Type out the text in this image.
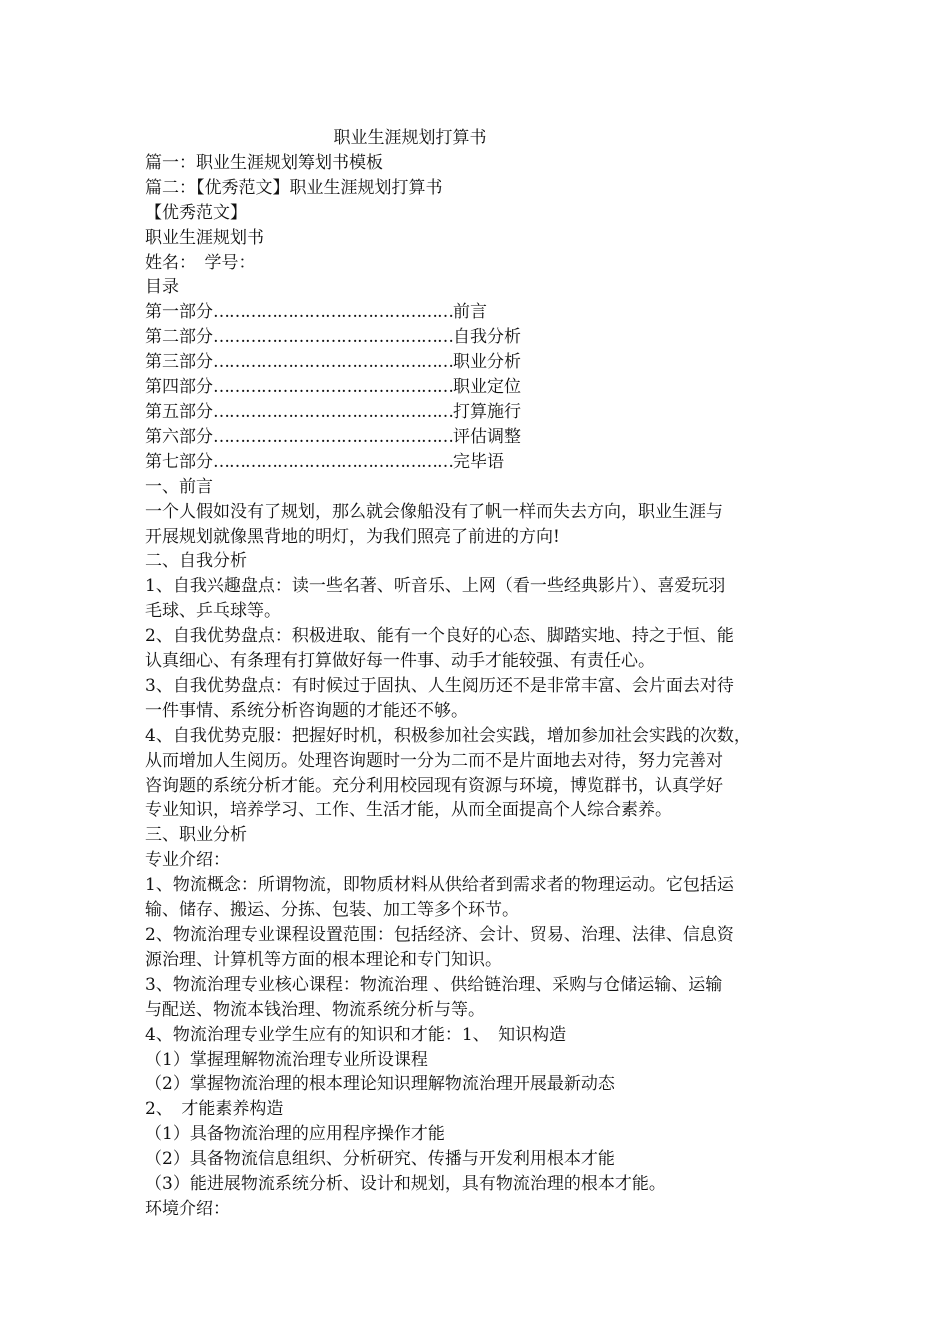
职业生涯规划打算书
篇一：职业生涯规划筹划书模板
篇二：【优秀范文】职业生涯规划打算书
【优秀范文】
职业生涯规划书
姓名：　学号：
目录
第一部分………………………………………前言
第二部分………………………………………自我分析
第三部分………………………………………职业分析
第四部分………………………………………职业定位
第五部分………………………………………打算施行
第六部分………………………………………评估调整
第七部分………………………………………完毕语
一、前言
一个人假如没有了规划，那么就会像船没有了帆一样而失去方向，职业生涯与
开展规划就像黑背地的明灯，为我们照亮了前进的方向!
二、自我分析
1、自我兴趣盘点：读一些名著、听音乐、上网（看一些经典影片）、喜爱玩羽
毛球、乒乓球等。
2、自我优势盘点：积极进取、能有一个良好的心态、脚踏实地、持之于恒、能
认真细心、有条理有打算做好每一件事、动手才能较强、有责任心。
3、自我优势盘点：有时候过于固执、人生阅历还不是非常丰富、会片面去对待
一件事情、系统分析咨询题的才能还不够。
4、自我优势克服：把握好时机，积极参加社会实践，增加参加社会实践的次数，
从而增加人生阅历。处理咨询题时一分为二而不是片面地去对待，努力完善对
咨询题的系统分析才能。充分利用校园现有资源与环境，博览群书，认真学好
专业知识，培养学习、工作、生活才能，从而全面提高个人综合素养。
三、职业分析
专业介绍：
1、物流概念：所谓物流，即物质材料从供给者到需求者的物理运动。它包括运
输、储存、搬运、分拣、包装、加工等多个环节。
2、物流治理专业课程设置范围：包括经济、会计、贸易、治理、法律、信息资
源治理、计算机等方面的根本理论和专门知识。
3、物流治理专业核心课程：物流治理 、供给链治理、采购与仓储运输、运输
与配送、物流本钱治理、物流系统分析与等。
4、物流治理专业学生应有的知识和才能：1、　知识构造
（1）掌握理解物流治理专业所设课程
（2）掌握物流治理的根本理论知识理解物流治理开展最新动态
2、　才能素养构造
（1）具备物流治理的应用程序操作才能
（2）具备物流信息组织、分析研究、传播与开发利用根本才能
（3）能进展物流系统分析、设计和规划，具有物流治理的根本才能。
环境介绍：
